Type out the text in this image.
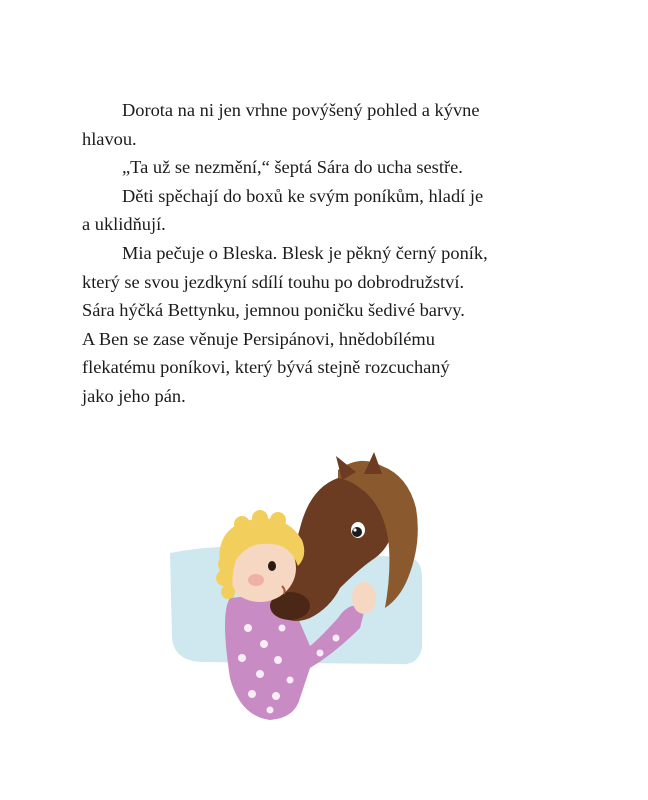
Dorota na ni jen vrhne povýšený pohled a kývne
hlavou.

„Ta už se nezmění,“ šeptá Sára do ucha sestře.

Děti spěchají do boxů ke svým poníkům, hladí je
a uklidňují.

Mia pečuje o Bleska. Blesk je pěkný černý poník,
který se svou jezdkyní sdílí touhu po dobrodružství.
Sára hýčká Bettynku, jemnou poničku šedivé barvy.
A Ben se zase věnuje Persipánovi, hnědobílému
flekatému poníkovi, který bývá stejně rozcuchaný
jako jeho pán.
